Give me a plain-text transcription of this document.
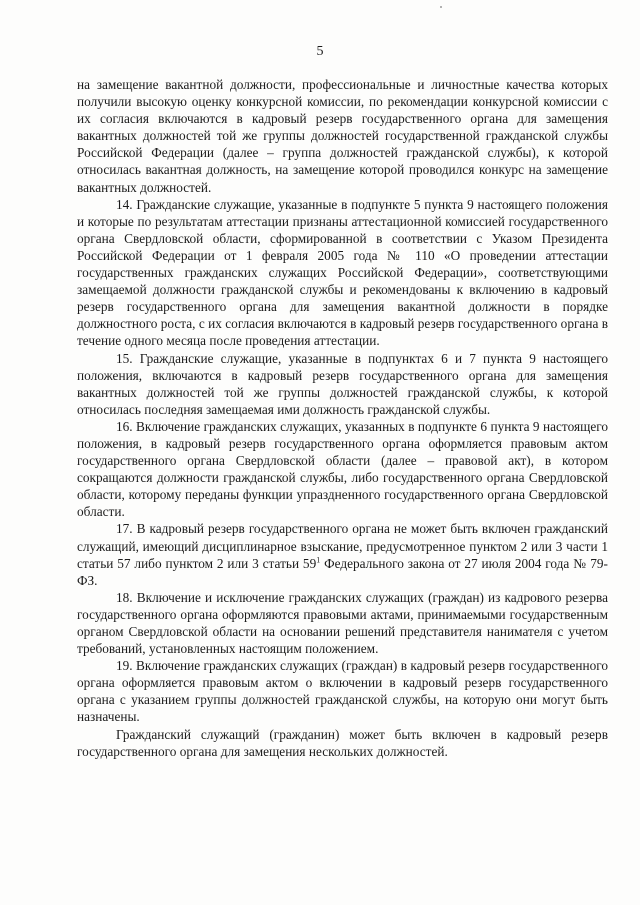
5

на замещение вакантной должности, профессиональные и личностные качества которых получили высокую оценку конкурсной комиссии, по рекомендации конкурсной комиссии с их согласия включаются в кадровый резерв государственного органа для замещения вакантных должностей той же группы должностей государственной гражданской службы Российской Федерации (далее – группа должностей гражданской службы), к которой относилась вакантная должность, на замещение которой проводился конкурс на замещение вакантных должностей.

14. Гражданские служащие, указанные в подпункте 5 пункта 9 настоящего положения и которые по результатам аттестации признаны аттестационной комиссией государственного органа Свердловской области, сформированной в соответствии с Указом Президента Российской Федерации от 1 февраля 2005 года № 110 «О проведении аттестации государственных гражданских служащих Российской Федерации», соответствующими замещаемой должности гражданской службы и рекомендованы к включению в кадровый резерв государственного органа для замещения вакантной должности в порядке должностного роста, с их согласия включаются в кадровый резерв государственного органа в течение одного месяца после проведения аттестации.

15. Гражданские служащие, указанные в подпунктах 6 и 7 пункта 9 настоящего положения, включаются в кадровый резерв государственного органа для замещения вакантных должностей той же группы должностей гражданской службы, к которой относилась последняя замещаемая ими должность гражданской службы.

16. Включение гражданских служащих, указанных в подпункте 6 пункта 9 настоящего положения, в кадровый резерв государственного органа оформляется правовым актом государственного органа Свердловской области (далее – правовой акт), в котором сокращаются должности гражданской службы, либо государственного органа Свердловской области, которому переданы функции упраздненного государственного органа Свердловской области.

17. В кадровый резерв государственного органа не может быть включен гражданский служащий, имеющий дисциплинарное взыскание, предусмотренное пунктом 2 или 3 части 1 статьи 57 либо пунктом 2 или 3 статьи $59^1$ Федерального закона от 27 июля 2004 года № 79-ФЗ.

18. Включение и исключение гражданских служащих (граждан) из кадрового резерва государственного органа оформляются правовыми актами, принимаемыми государственным органом Свердловской области на основании решений представителя нанимателя с учетом требований, установленных настоящим положением.

19. Включение гражданских служащих (граждан) в кадровый резерв государственного органа оформляется правовым актом о включении в кадровый резерв государственного органа с указанием группы должностей гражданской службы, на которую они могут быть назначены.

Гражданский служащий (гражданин) может быть включен в кадровый резерв государственного органа для замещения нескольких должностей.
